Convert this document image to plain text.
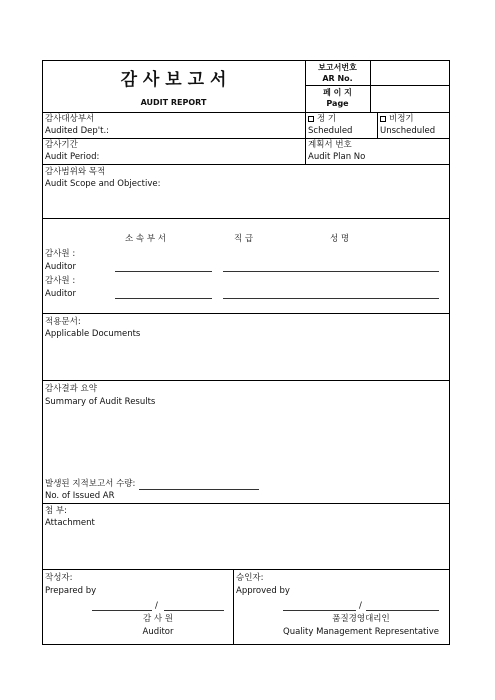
감 사 보 고 서
AUDIT REPORT
보고서번호
AR No.
페 이 지
Page
감사대상부서
Audited Dep't.:
정 기
Scheduled
비정기
Unscheduled
감사기간
Audit Period:
계획서 번호
Audit Plan No
감사범위와 목적
Audit Scope and Objective:
소 속 부 서	직 급	성 명
감사원 :
Auditor
감사원 :
Auditor
적용문서:
Applicable Documents
감사결과 요약
Summary of Audit Results
발생된 지적보고서 수량:
No. of Issued AR
첨 부:
Attachment
작성자:
Prepared by
/
감 사 원
Auditor
승인자:
Approved by
/
품질경영대리인
Quality Management Representative
